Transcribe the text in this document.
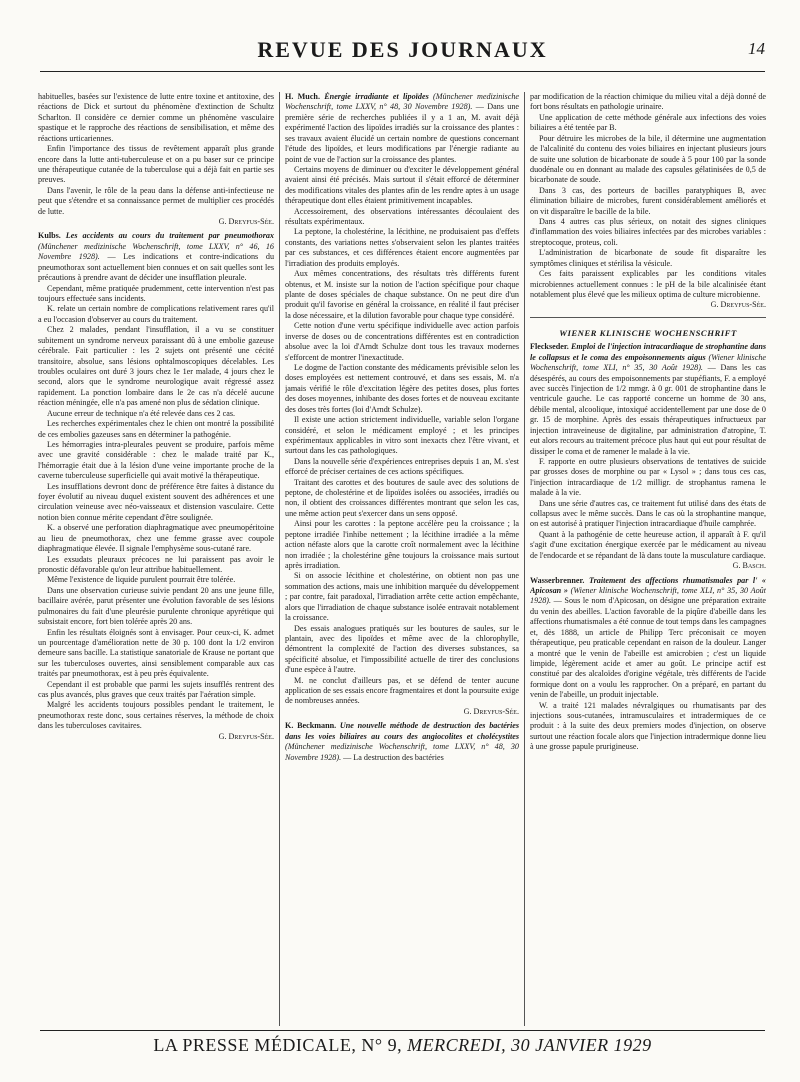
REVUE DES JOURNAUX	14

habituelles, basées sur l'existence de lutte entre toxine et antitoxine, des réactions de Dick et surtout du phénomène d'extinction de Schultz Scharlton. Il considère ce dernier comme un phénomène vasculaire spastique et le rapproche des réactions de sensibilisation, et même des réactions urticariennes.

Enfin l'importance des tissus de revêtement apparaît plus grande encore dans la lutte anti-tuberculeuse et on a pu baser sur ce principe une thérapeutique cutanée de la tuberculose qui a déjà fait en partie ses preuves.

Dans l'avenir, le rôle de la peau dans la défense anti-infectieuse ne peut que s'étendre et sa connaissance permet de multiplier ces procédés de lutte.

G. Dreyfus-Sée.

Kulbs. Les accidents au cours du traitement par pneumothorax (Münchener medizinische Wochenschrift, tome LXXV, n° 46, 16 Novembre 1928). — Les indications et contre-indications du pneumothorax sont actuellement bien connues et on sait quelles sont les précautions à prendre avant de décider une insufflation pleurale.

Cependant, même pratiquée prudemment, cette intervention n'est pas toujours effectuée sans incidents.

K. relate un certain nombre de complications relativement rares qu'il a eu l'occasion d'observer au cours du traitement.

Chez 2 malades, pendant l'insufflation, il a vu se constituer subitement un syndrome nerveux paraissant dû à une embolie gazeuse cérébrale. Fait particulier : les 2 sujets ont présenté une cécité transitoire, absolue, sans lésions ophtalmoscopiques décelables. Les troubles oculaires ont duré 3 jours chez le 1er malade, 4 jours chez le second, alors que le syndrome neurologique avait régressé assez rapidement. La ponction lombaire dans le 2e cas n'a décelé aucune réaction méningée, elle n'a pas amené non plus de sédation clinique.

Aucune erreur de technique n'a été relevée dans ces 2 cas.

Les recherches expérimentales chez le chien ont montré la possibilité de ces embolies gazeuses sans en déterminer la pathogénie.

Les hémorragies intra-pleurales peuvent se produire, parfois même avec une gravité considérable : chez le malade traité par K., l'hémorragie était due à la lésion d'une veine importante proche de la caverne tuberculeuse superficielle qui avait motivé la thérapeutique.

Les insufflations devront donc de préférence être faites à distance du foyer évolutif au niveau duquel existent souvent des adhérences et une circulation veineuse avec néo-vaisseaux et distension vasculaire. Cette notion bien connue mérite cependant d'être soulignée.

K. a observé une perforation diaphragmatique avec pneumopéritoine au lieu de pneumothorax, chez une femme grasse avec coupole diaphragmatique élevée. Il signale l'emphysème sous-cutané rare.

Les exsudats pleuraux précoces ne lui paraissent pas avoir le pronostic défavorable qu'on leur attribue habituellement.

Même l'existence de liquide purulent pourrait être tolérée.

Dans une observation curieuse suivie pendant 20 ans une jeune fille, bacillaire avérée, parut présenter une évolution favorable de ses lésions pulmonaires du fait d'une pleurésie purulente chronique apyrétique qui subsistait encore, fort bien tolérée après 20 ans.

Enfin les résultats éloignés sont à envisager. Pour ceux-ci, K. admet un pourcentage d'amélioration nette de 30 p. 100 dont la 1/2 environ demeure sans bacille. La statistique sanatoriale de Krause ne portant que sur les tuberculoses ouvertes, ainsi sensiblement comparable aux cas traités par pneumothorax, est à peu près équivalente.

Cependant il est probable que parmi les sujets insufflés rentrent des cas plus avancés, plus graves que ceux traités par l'aération simple.

Malgré les accidents toujours possibles pendant le traitement, le pneumothorax reste donc, sous certaines réserves, la méthode de choix dans les tuberculoses cavitaires.

G. Dreyfus-Sée.

H. Much. Énergie irradiante et lipoïdes (Münchener medizinische Wochenschrift, tome LXXV, n° 48, 30 Novembre 1928). — Dans une première série de recherches publiées il y a 1 an, M. avait déjà expérimenté l'action des lipoïdes irradiés sur la croissance des plantes : ses travaux avaient élucidé un certain nombre de questions concernant l'étude des lipoïdes, et leurs modifications par l'énergie radiante au point de vue de l'action sur la croissance des plantes.

Certains moyens de diminuer ou d'exciter le développement général avaient ainsi été précisés. Mais surtout il s'était efforcé de déterminer des modifications vitales des plantes afin de les rendre aptes à un usage thérapeutique dont elles étaient primitivement incapables.

Accessoirement, des observations intéressantes découlaient des résultats expérimentaux.

La peptone, la cholestérine, la lécithine, ne produisaient pas d'effets constants, des variations nettes s'observaient selon les plantes traitées par ces substances, et ces différences étaient encore augmentées par l'irradiation des produits employés.

Aux mêmes concentrations, des résultats très différents furent obtenus, et M. insiste sur la notion de l'action spécifique pour chaque plante de doses spéciales de chaque substance. On ne peut dire d'un produit qu'il favorise en général la croissance, en réalité il faut préciser la dose nécessaire, et la dilution favorable pour chaque type considéré.

Cette notion d'une vertu spécifique individuelle avec action parfois inverse de doses ou de concentrations différentes est en contradiction absolue avec la loi d'Arndt Schulze dont tous les travaux modernes s'efforcent de montrer l'inexactitude.

Le dogme de l'action constante des médicaments prévisible selon les doses employées est nettement controuvé, et dans ses essais, M. n'a jamais vérifié le rôle d'excitation légère des petites doses, plus fortes des doses moyennes, inhibante des doses fortes et de nouveau excitante des doses très fortes (loi d'Arndt Schulze).

Il existe une action strictement individuelle, variable selon l'organe considéré, et selon le médicament employé ; et les principes expérimentaux applicables in vitro sont inexacts chez l'être vivant, et surtout dans les cas pathologiques.

Dans la nouvelle série d'expériences entreprises depuis 1 an, M. s'est efforcé de préciser certaines de ces actions spécifiques.

Traitant des carottes et des boutures de saule avec des solutions de peptone, de cholestérine et de lipoïdes isolées ou associées, irradiés ou non, il obtient des croissances différentes montrant que selon les cas, une même action peut s'exercer dans un sens opposé.

Ainsi pour les carottes : la peptone accélère peu la croissance ; la peptone irradiée l'inhibe nettement ; la lécithine irradiée a la même action néfaste alors que la carotte croît normalement avec la lécithine non irradiée ; la cholestérine gêne toujours la croissance mais surtout après irradiation.

Si on associe lécithine et cholestérine, on obtient non pas une sommation des actions, mais une inhibition marquée du développement ; par contre, fait paradoxal, l'irradiation arrête cette action empêchante, alors que l'irradiation de chaque substance isolée entravait notablement la croissance.

Des essais analogues pratiqués sur les boutures de saules, sur le plantain, avec des lipoïdes et même avec de la chlorophylle, démontrent la complexité de l'action des diverses substances, sa spécificité absolue, et l'impossibilité actuelle de tirer des conclusions d'une espèce à l'autre.

M. ne conclut d'ailleurs pas, et se défend de tenter aucune application de ses essais encore fragmentaires et dont la poursuite exige de nombreuses années.

G. Dreyfus-Sée.

K. Beckmann. Une nouvelle méthode de destruction des bactéries dans les voies biliaires au cours des angiocolites et cholécystites (Münchener medizinische Wochenschrift, tome LXXV, n° 48, 30 Novembre 1928). — La destruction des bactéries

par modification de la réaction chimique du milieu vital a déjà donné de fort bons résultats en pathologie urinaire.

Une application de cette méthode générale aux infections des voies biliaires a été tentée par B.

Pour détruire les microbes de la bile, il détermine une augmentation de l'alcalinité du contenu des voies biliaires en injectant plusieurs jours de suite une solution de bicarbonate de soude à 5 pour 100 par la sonde duodénale ou en donnant au malade des capsules gélatinisées de 0,5 de bicarbonate de soude.

Dans 3 cas, des porteurs de bacilles paratyphiques B, avec élimination biliaire de microbes, furent considérablement améliorés et on vit disparaître le bacille de la bile.

Dans 4 autres cas plus sérieux, on notait des signes cliniques d'inflammation des voies biliaires infectées par des microbes variables : streptocoque, proteus, coli.

L'administration de bicarbonate de soude fit disparaître les symptômes cliniques et stérilisa la vésicule.

Ces faits paraissent explicables par les conditions vitales microbiennes actuellement connues : le pH de la bile alcalinisée étant notablement plus élevé que les milieux optima de culture microbienne.

G. Dreyfus-Sée.

WIENER KLINISCHE WOCHENSCHRIFT

Fleckseder. Emploi de l'injection intracardiaque de strophantine dans le collapsus et le coma des empoisonnements aigus (Wiener klinische Wochenschrift, tome XLI, n° 35, 30 Août 1928). — Dans les cas désespérés, au cours des empoisonnements par stupéfiants, F. a employé avec succès l'injection de 1/2 mmgr. à 0 gr. 001 de strophantine dans le ventricule gauche. Le cas rapporté concerne un homme de 30 ans, débile mental, alcoolique, intoxiqué accidentellement par une dose de 0 gr. 15 de morphine. Après des essais thérapeutiques infructueux par injection intraveineuse de digitaline, par administration d'atropine, T. eut alors recours au traitement précoce plus haut qui eut pour résultat de dissiper le coma et de ramener le malade à la vie.

F. rapporte en outre plusieurs observations de tentatives de suicide par grosses doses de morphine ou par « Lysol » ; dans tous ces cas, l'injection intracardiaque de 1/2 milligr. de strophantus ramena le malade à la vie.

Dans une série d'autres cas, ce traitement fut utilisé dans des états de collapsus avec le même succès. Dans le cas où la strophantine manque, on est autorisé à pratiquer l'injection intracardiaque d'huile camphrée.

Quant à la pathogénie de cette heureuse action, il apparaît à F. qu'il s'agit d'une excitation énergique exercée par le médicament au niveau de l'endocarde et se répandant de là dans toute la musculature cardiaque.

G. Basch.

Wasserbrenner. Traitement des affections rhumatismales par l' « Apicosan » (Wiener klinische Wochenschrift, tome XLI, n° 35, 30 Août 1928). — Sous le nom d'Apicosan, on désigne une préparation extraite du venin des abeilles. L'action favorable de la piqûre d'abeille dans les affections rhumatismales a été connue de tout temps dans les campagnes et, dès 1888, un article de Philipp Terc préconisait ce moyen thérapeutique, peu praticable cependant en raison de la douleur. Langer a montré que le venin de l'abeille est amicrobien ; c'est un liquide limpide, légèrement acide et amer au goût. Le principe actif est constitué par des alcaloïdes d'origine végétale, très différents de l'acide formique dont on a voulu les rapprocher. On a préparé, en partant du venin de l'abeille, un produit injectable.

W. a traité 121 malades névralgiques ou rhumatisants par des injections sous-cutanées, intramusculaires et intradermiques de ce produit : à la suite des deux premiers modes d'injection, on observe surtout une réaction focale alors que l'injection intradermique donne lieu à une grosse papule prurigineuse.

LA PRESSE MÉDICALE, N° 9, MERCREDI, 30 JANVIER 1929
